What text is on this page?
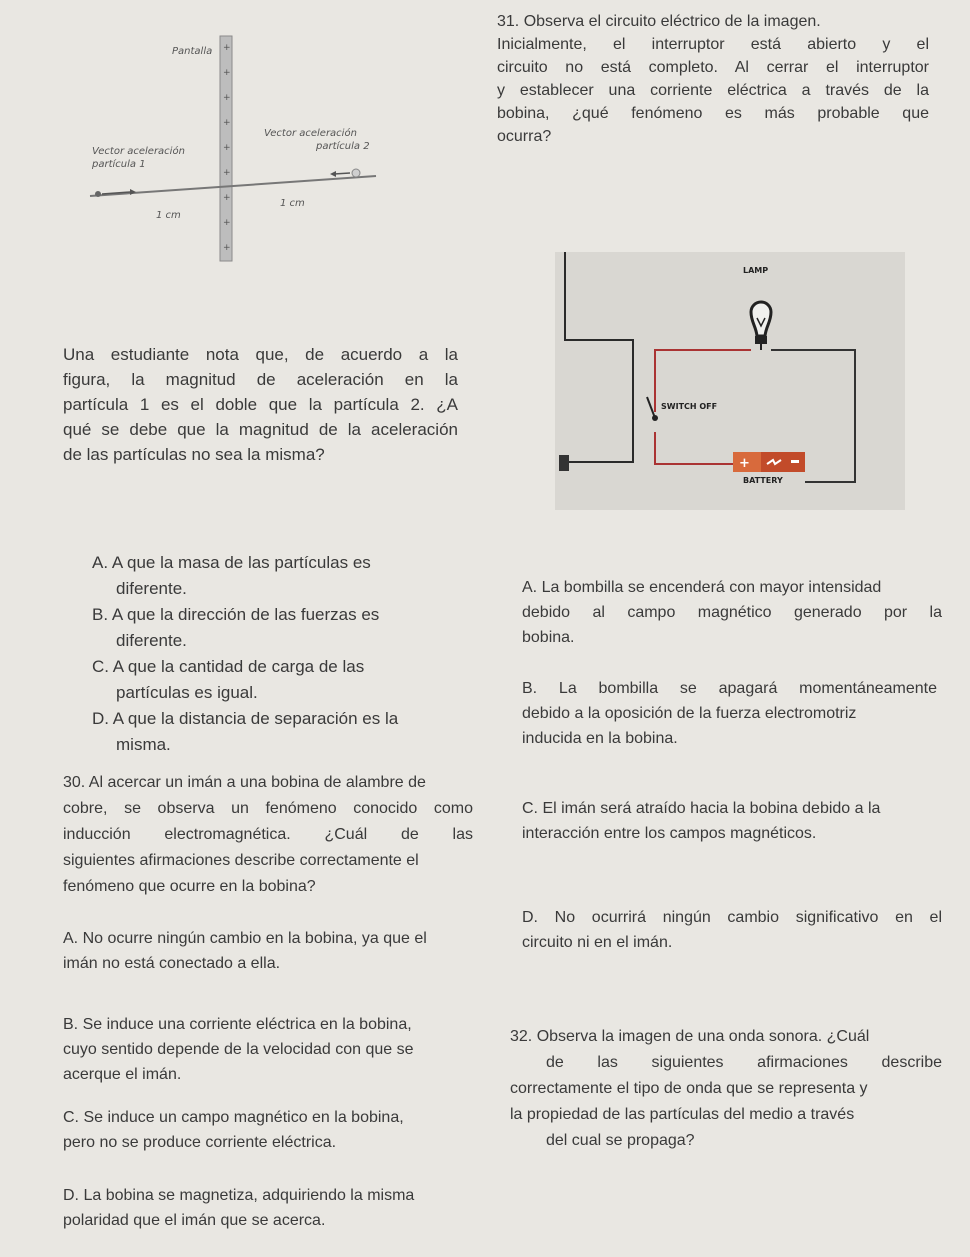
+
+
+
+
+
+
+
+
+
Pantalla
Vector aceleración
partícula 1
Vector aceleración
partícula 2
1 cm
1 cm
Una estudiante nota que, de acuerdo a la
figura, la magnitud de aceleración en la
partícula 1 es el doble que la partícula 2. ¿A
qué se debe que la magnitud de la aceleración
de las partículas no sea la misma?
A. A que la masa de las partículas es
diferente.
B. A que la dirección de las fuerzas es
diferente.
C. A que la cantidad de carga de las
partículas es igual.
D. A que la distancia de separación es la
misma.
30. Al acercar un imán a una bobina de alambre de
cobre, se observa un fenómeno conocido como
inducción electromagnética. ¿Cuál de las
siguientes afirmaciones describe correctamente el
fenómeno que ocurre en la bobina?
A. No ocurre ningún cambio en la bobina, ya que el
imán no está conectado a ella.
B. Se induce una corriente eléctrica en la bobina,
cuyo sentido depende de la velocidad con que se
acerque el imán.
C. Se induce un campo magnético en la bobina,
pero no se produce corriente eléctrica.
D. La bobina se magnetiza, adquiriendo la misma
polaridad que el imán que se acerca.
31. Observa el circuito eléctrico de la imagen.
Inicialmente, el interruptor está abierto y el
circuito no está completo. Al cerrar el interruptor
y establecer una corriente eléctrica a través de la
bobina, ¿qué fenómeno es más probable que
ocurra?
+
LAMP
SWITCH OFF
BATTERY
A. La bombilla se encenderá con mayor intensidad
debido al campo magnético generado por la
bobina.
B. La bombilla se apagará momentáneamente
debido a la oposición de la fuerza electromotriz
inducida en la bobina.
C. El imán será atraído hacia la bobina debido a la
interacción entre los campos magnéticos.
D. No ocurrirá ningún cambio significativo en el
circuito ni en el imán.
32. Observa la imagen de una onda sonora. ¿Cuál
de las siguientes afirmaciones describe
correctamente el tipo de onda que se representa y
la propiedad de las partículas del medio a través
del cual se propaga?
